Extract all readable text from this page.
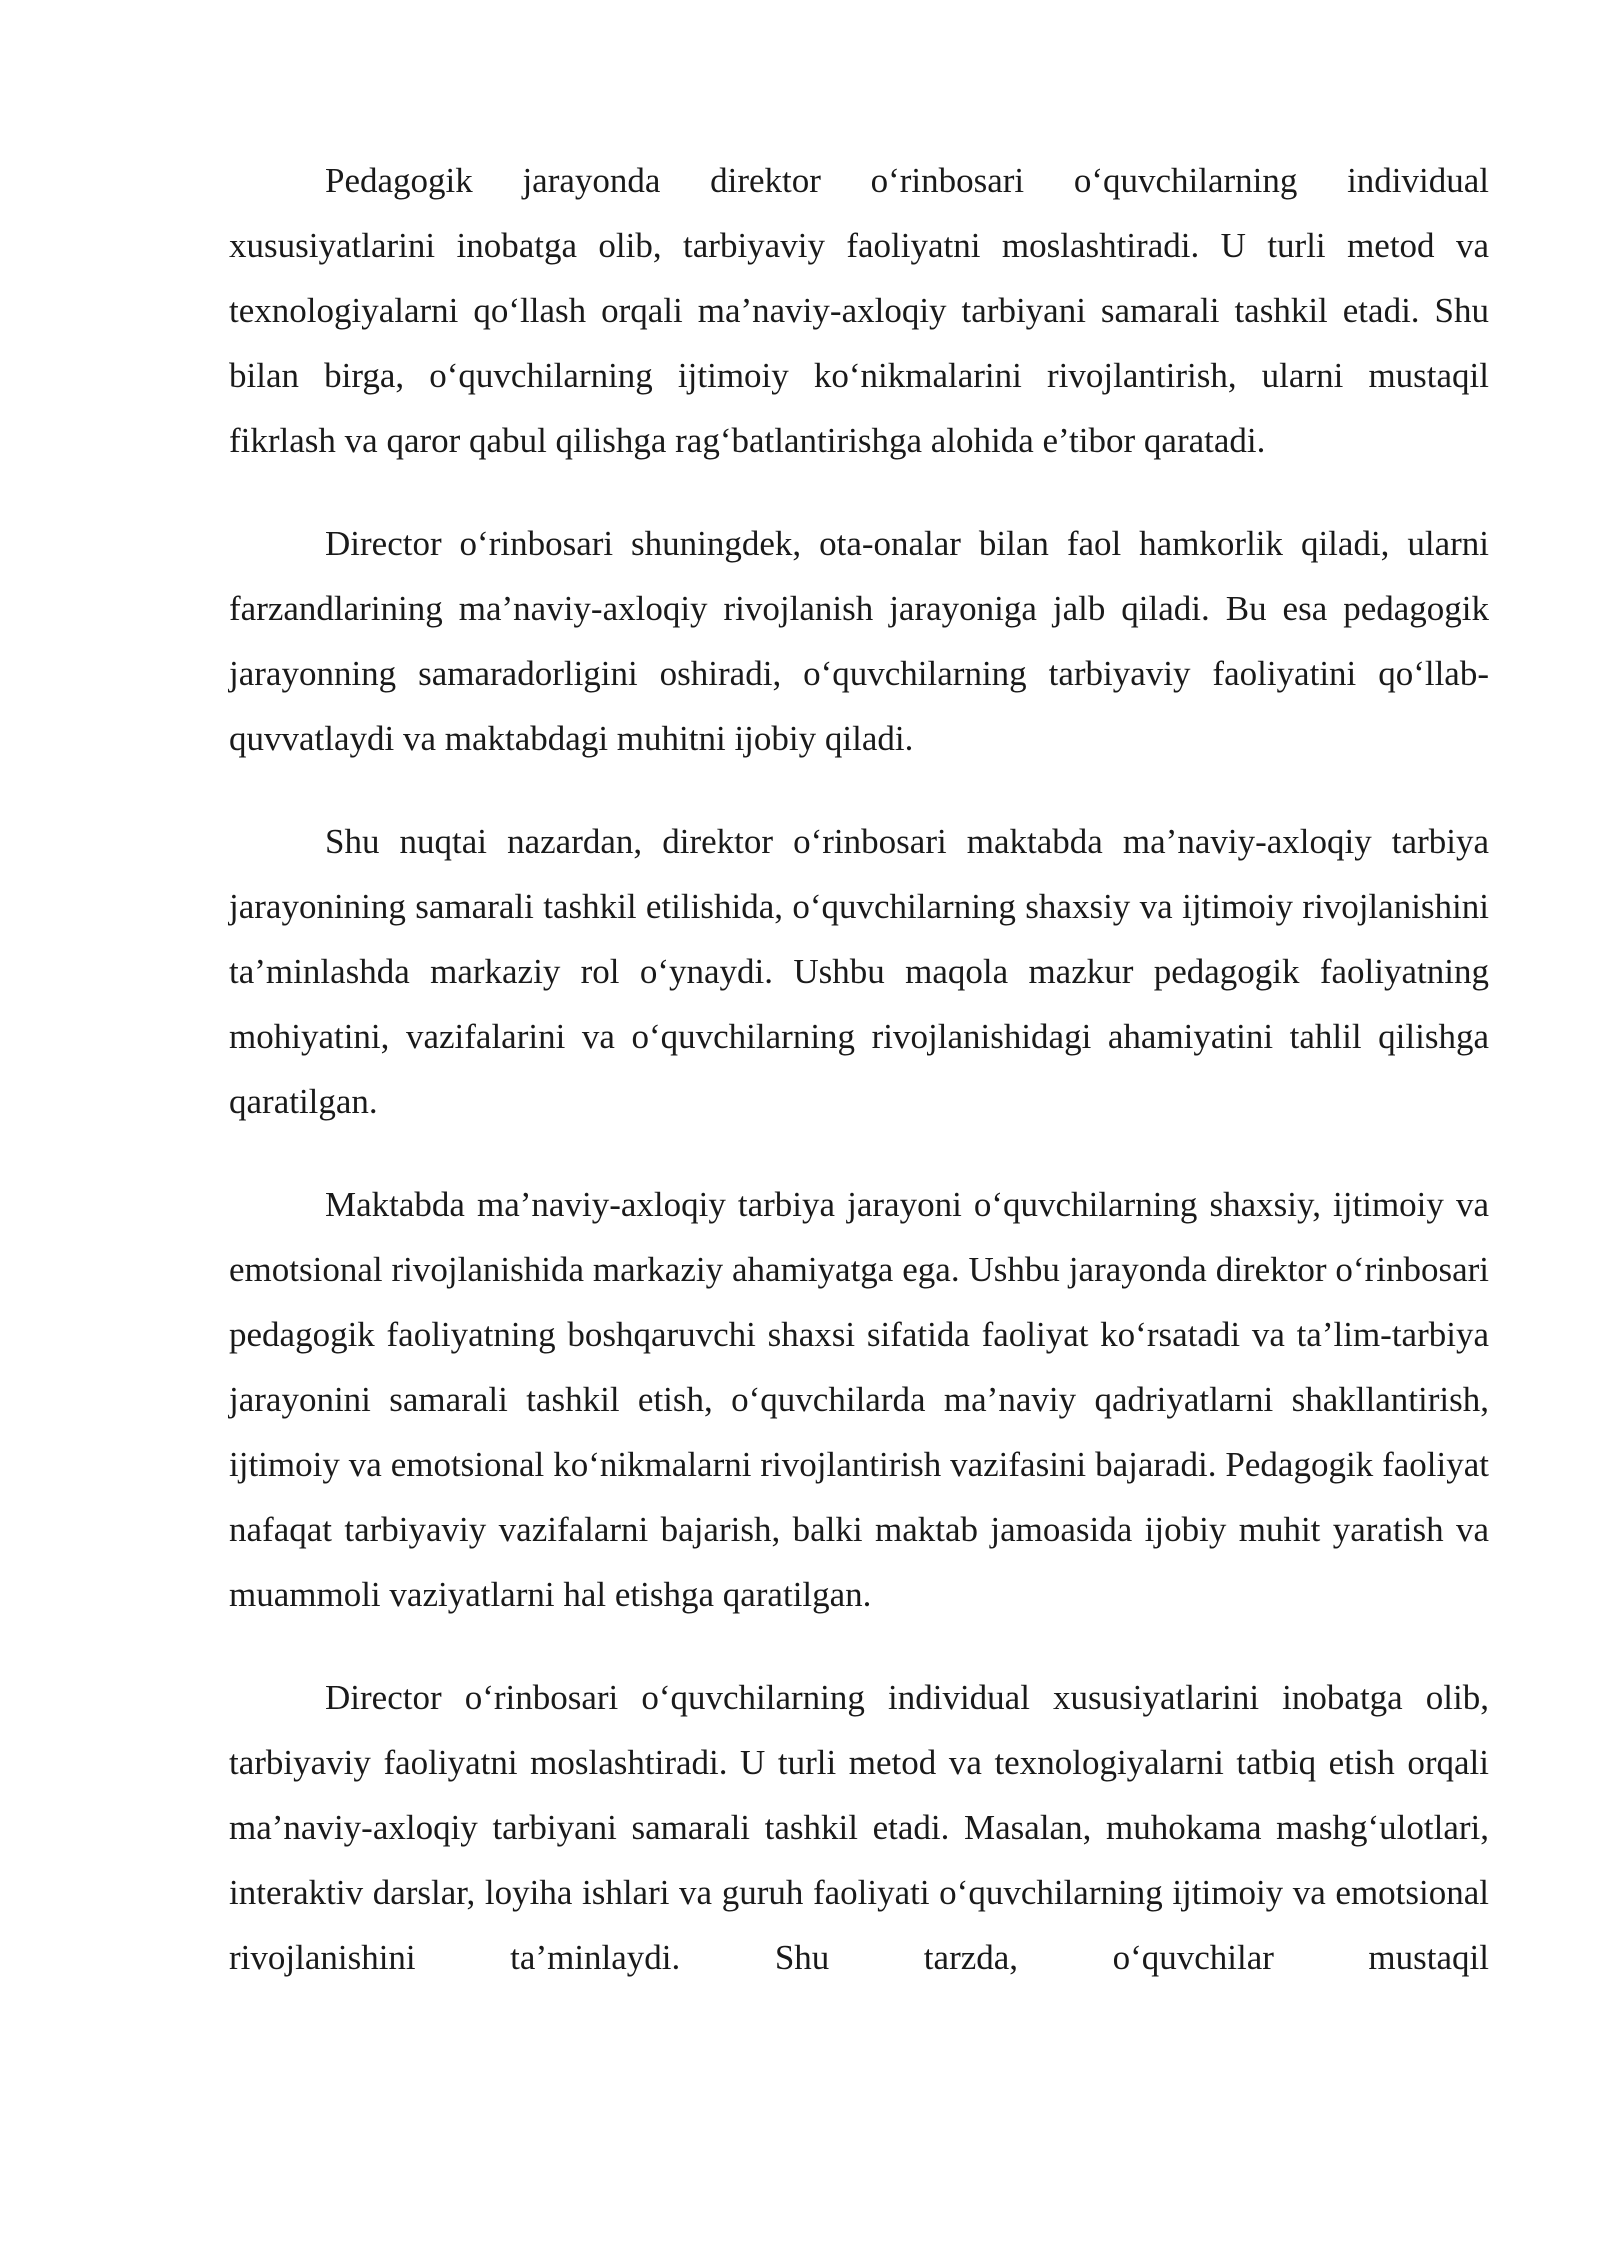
Pedagogik jarayonda direktor o‘rinbosari o‘quvchilarning individual xususiyatlarini inobatga olib, tarbiyaviy faoliyatni moslashtiradi. U turli metod va texnologiyalarni qo‘llash orqali ma’naviy-axloqiy tarbiyani samarali tashkil etadi. Shu bilan birga, o‘quvchilarning ijtimoiy ko‘nikmalarini rivojlantirish, ularni mustaqil fikrlash va qaror qabul qilishga rag‘batlantirishga alohida e’tibor qaratadi.

Director o‘rinbosari shuningdek, ota-onalar bilan faol hamkorlik qiladi, ularni farzandlarining ma’naviy-axloqiy rivojlanish jarayoniga jalb qiladi. Bu esa pedagogik jarayonning samaradorligini oshiradi, o‘quvchilarning tarbiyaviy faoliyatini qo‘llab-quvvatlaydi va maktabdagi muhitni ijobiy qiladi.

Shu nuqtai nazardan, direktor o‘rinbosari maktabda ma’naviy-axloqiy tarbiya jarayonining samarali tashkil etilishida, o‘quvchilarning shaxsiy va ijtimoiy rivojlanishini ta’minlashda markaziy rol o‘ynaydi. Ushbu maqola mazkur pedagogik faoliyatning mohiyatini, vazifalarini va o‘quvchilarning rivojlanishidagi ahamiyatini tahlil qilishga qaratilgan.

Maktabda ma’naviy-axloqiy tarbiya jarayoni o‘quvchilarning shaxsiy, ijtimoiy va emotsional rivojlanishida markaziy ahamiyatga ega. Ushbu jarayonda direktor o‘rinbosari pedagogik faoliyatning boshqaruvchi shaxsi sifatida faoliyat ko‘rsatadi va ta’lim-tarbiya jarayonini samarali tashkil etish, o‘quvchilarda ma’naviy qadriyatlarni shakllantirish, ijtimoiy va emotsional ko‘nikmalarni rivojlantirish vazifasini bajaradi. Pedagogik faoliyat nafaqat tarbiyaviy vazifalarni bajarish, balki maktab jamoasida ijobiy muhit yaratish va muammoli vaziyatlarni hal etishga qaratilgan.

Director o‘rinbosari o‘quvchilarning individual xususiyatlarini inobatga olib, tarbiyaviy faoliyatni moslashtiradi. U turli metod va texnologiyalarni tatbiq etish orqali ma’naviy-axloqiy tarbiyani samarali tashkil etadi. Masalan, muhokama mashg‘ulotlari, interaktiv darslar, loyiha ishlari va guruh faoliyati o‘quvchilarning ijtimoiy va emotsional rivojlanishini ta’minlaydi. Shu tarzda, o‘quvchilar mustaqil
